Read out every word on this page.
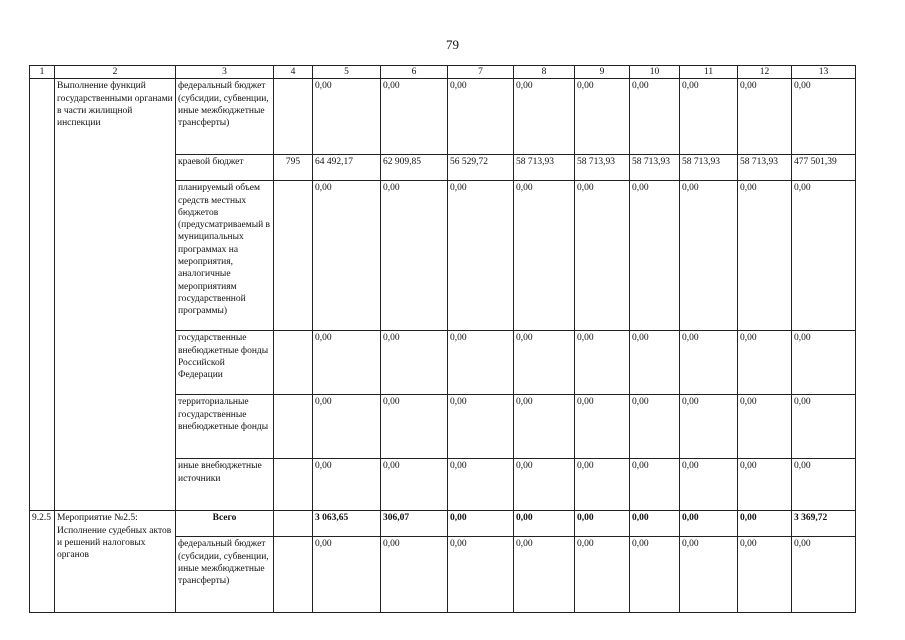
79
1	2	3	4	5	6	7	8	9	10	11	12	13
	Выполнение функций государственными органами в части жилищной инспекции	федеральный бюджет (субсидии, субвенции, иные межбюджетные трансферты)		0,00	0,00	0,00	0,00	0,00	0,00	0,00	0,00	0,00
		краевой бюджет	795	64 492,17	62 909,85	56 529,72	58 713,93	58 713,93	58 713,93	58 713,93	58 713,93	477 501,39
		планируемый объем средств местных бюджетов (предусматриваемый в муниципальных программах на мероприятия, аналогичные мероприятиям государственной программы)		0,00	0,00	0,00	0,00	0,00	0,00	0,00	0,00	0,00
		государственные внебюджетные фонды Российской Федерации		0,00	0,00	0,00	0,00	0,00	0,00	0,00	0,00	0,00
		территориальные государственные внебюджетные фонды		0,00	0,00	0,00	0,00	0,00	0,00	0,00	0,00	0,00
		иные внебюджетные источники		0,00	0,00	0,00	0,00	0,00	0,00	0,00	0,00	0,00
9.2.5	Мероприятие №2.5: Исполнение судебных актов и решений налоговых органов	Всего		3 063,65	306,07	0,00	0,00	0,00	0,00	0,00	0,00	3 369,72
		федеральный бюджет (субсидии, субвенции, иные межбюджетные трансферты)		0,00	0,00	0,00	0,00	0,00	0,00	0,00	0,00	0,00
